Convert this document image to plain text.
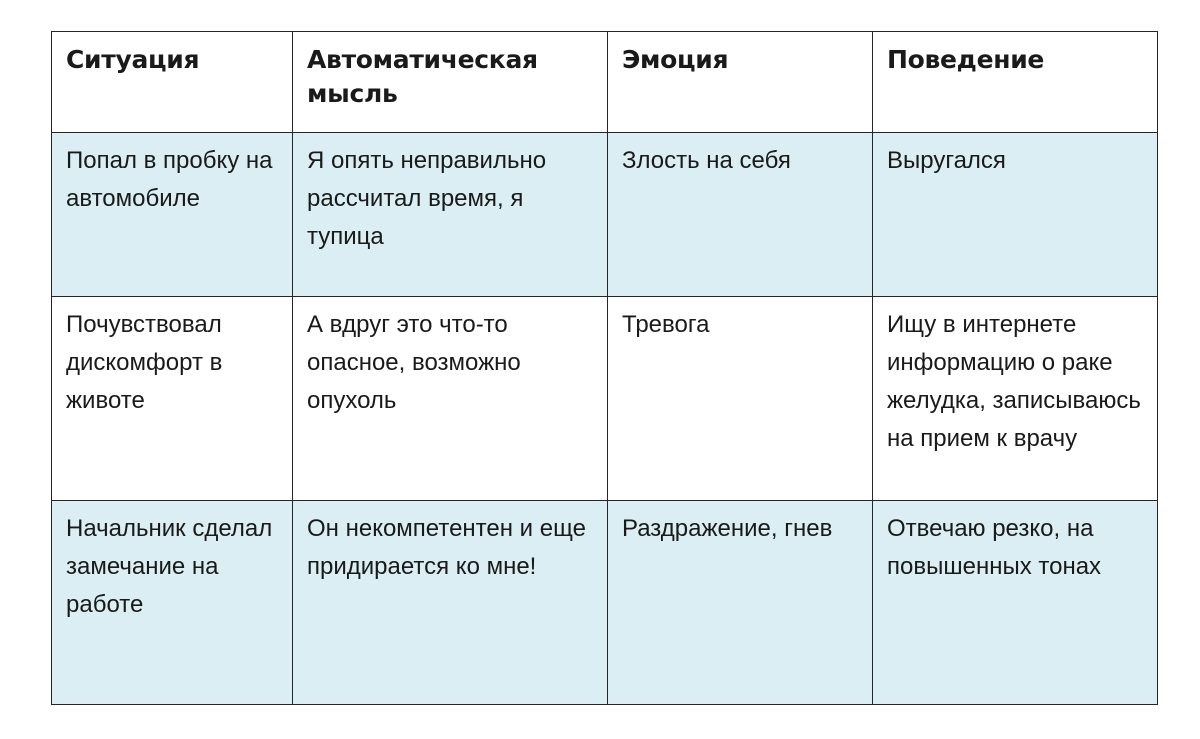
Ситуация	Автоматическая мысль	Эмоция	Поведение
Попал в пробку на автомобиле	Я опять неправильно рассчитал время, я тупица	Злость на себя	Выругался
Почувствовал дискомфорт в животе	А вдруг это что-то опасное, возможно опухоль	Тревога	Ищу в интернете информацию о раке желудка, записываюсь на прием к врачу
Начальник сделал замечание на работе	Он некомпетентен и еще придирается ко мне!	Раздражение, гнев	Отвечаю резко, на повышенных тонах
